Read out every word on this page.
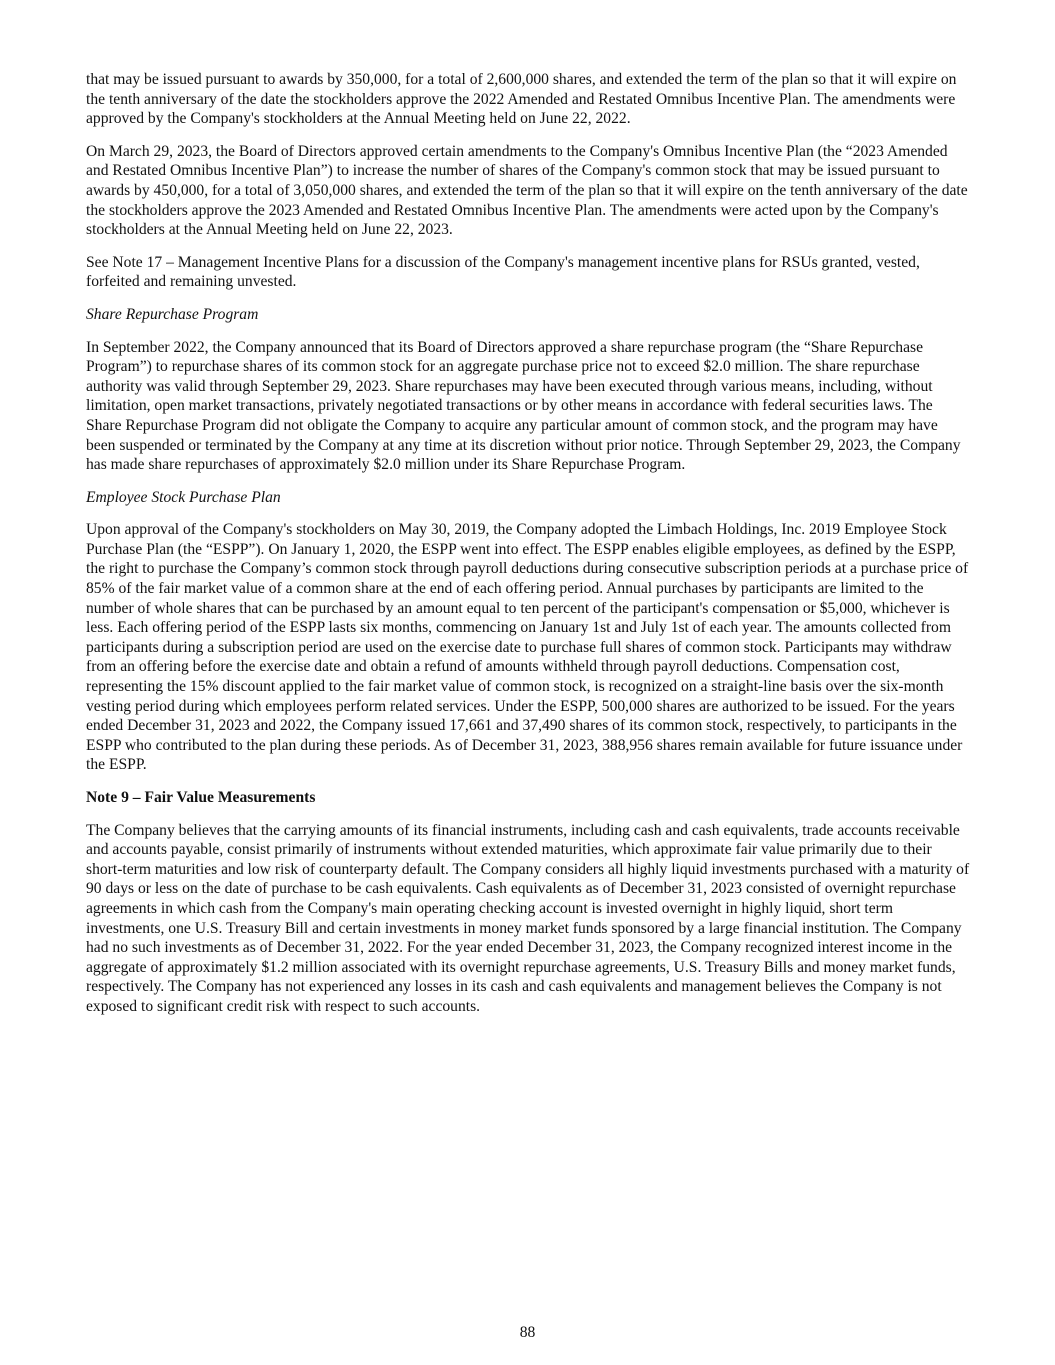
that may be issued pursuant to awards by 350,000, for a total of 2,600,000 shares, and extended the term of the plan so that it will expire on the tenth anniversary of the date the stockholders approve the 2022 Amended and Restated Omnibus Incentive Plan. The amendments were approved by the Company's stockholders at the Annual Meeting held on June 22, 2022.

On March 29, 2023, the Board of Directors approved certain amendments to the Company's Omnibus Incentive Plan (the “2023 Amended and Restated Omnibus Incentive Plan”) to increase the number of shares of the Company's common stock that may be issued pursuant to awards by 450,000, for a total of 3,050,000 shares, and extended the term of the plan so that it will expire on the tenth anniversary of the date the stockholders approve the 2023 Amended and Restated Omnibus Incentive Plan. The amendments were acted upon by the Company's stockholders at the Annual Meeting held on June 22, 2023.

See Note 17 – Management Incentive Plans for a discussion of the Company's management incentive plans for RSUs granted, vested, forfeited and remaining unvested.

Share Repurchase Program

In September 2022, the Company announced that its Board of Directors approved a share repurchase program (the “Share Repurchase Program”) to repurchase shares of its common stock for an aggregate purchase price not to exceed $2.0 million. The share repurchase authority was valid through September 29, 2023. Share repurchases may have been executed through various means, including, without limitation, open market transactions, privately negotiated transactions or by other means in accordance with federal securities laws. The Share Repurchase Program did not obligate the Company to acquire any particular amount of common stock, and the program may have been suspended or terminated by the Company at any time at its discretion without prior notice. Through September 29, 2023, the Company has made share repurchases of approximately $2.0 million under its Share Repurchase Program.

Employee Stock Purchase Plan

Upon approval of the Company's stockholders on May 30, 2019, the Company adopted the Limbach Holdings, Inc. 2019 Employee Stock Purchase Plan (the “ESPP”). On January 1, 2020, the ESPP went into effect. The ESPP enables eligible employees, as defined by the ESPP, the right to purchase the Company’s common stock through payroll deductions during consecutive subscription periods at a purchase price of 85% of the fair market value of a common share at the end of each offering period. Annual purchases by participants are limited to the number of whole shares that can be purchased by an amount equal to ten percent of the participant's compensation or $5,000, whichever is less. Each offering period of the ESPP lasts six months, commencing on January 1st and July 1st of each year. The amounts collected from participants during a subscription period are used on the exercise date to purchase full shares of common stock. Participants may withdraw from an offering before the exercise date and obtain a refund of amounts withheld through payroll deductions. Compensation cost, representing the 15% discount applied to the fair market value of common stock, is recognized on a straight-line basis over the six-month vesting period during which employees perform related services. Under the ESPP, 500,000 shares are authorized to be issued. For the years ended December 31, 2023 and 2022, the Company issued 17,661 and 37,490 shares of its common stock, respectively, to participants in the ESPP who contributed to the plan during these periods. As of December 31, 2023, 388,956 shares remain available for future issuance under the ESPP.

Note 9 – Fair Value Measurements

The Company believes that the carrying amounts of its financial instruments, including cash and cash equivalents, trade accounts receivable and accounts payable, consist primarily of instruments without extended maturities, which approximate fair value primarily due to their short-term maturities and low risk of counterparty default. The Company considers all highly liquid investments purchased with a maturity of 90 days or less on the date of purchase to be cash equivalents. Cash equivalents as of December 31, 2023 consisted of overnight repurchase agreements in which cash from the Company's main operating checking account is invested overnight in highly liquid, short term investments, one U.S. Treasury Bill and certain investments in money market funds sponsored by a large financial institution. The Company had no such investments as of December 31, 2022. For the year ended December 31, 2023, the Company recognized interest income in the aggregate of approximately $1.2 million associated with its overnight repurchase agreements, U.S. Treasury Bills and money market funds, respectively. The Company has not experienced any losses in its cash and cash equivalents and management believes the Company is not exposed to significant credit risk with respect to such accounts.

88
